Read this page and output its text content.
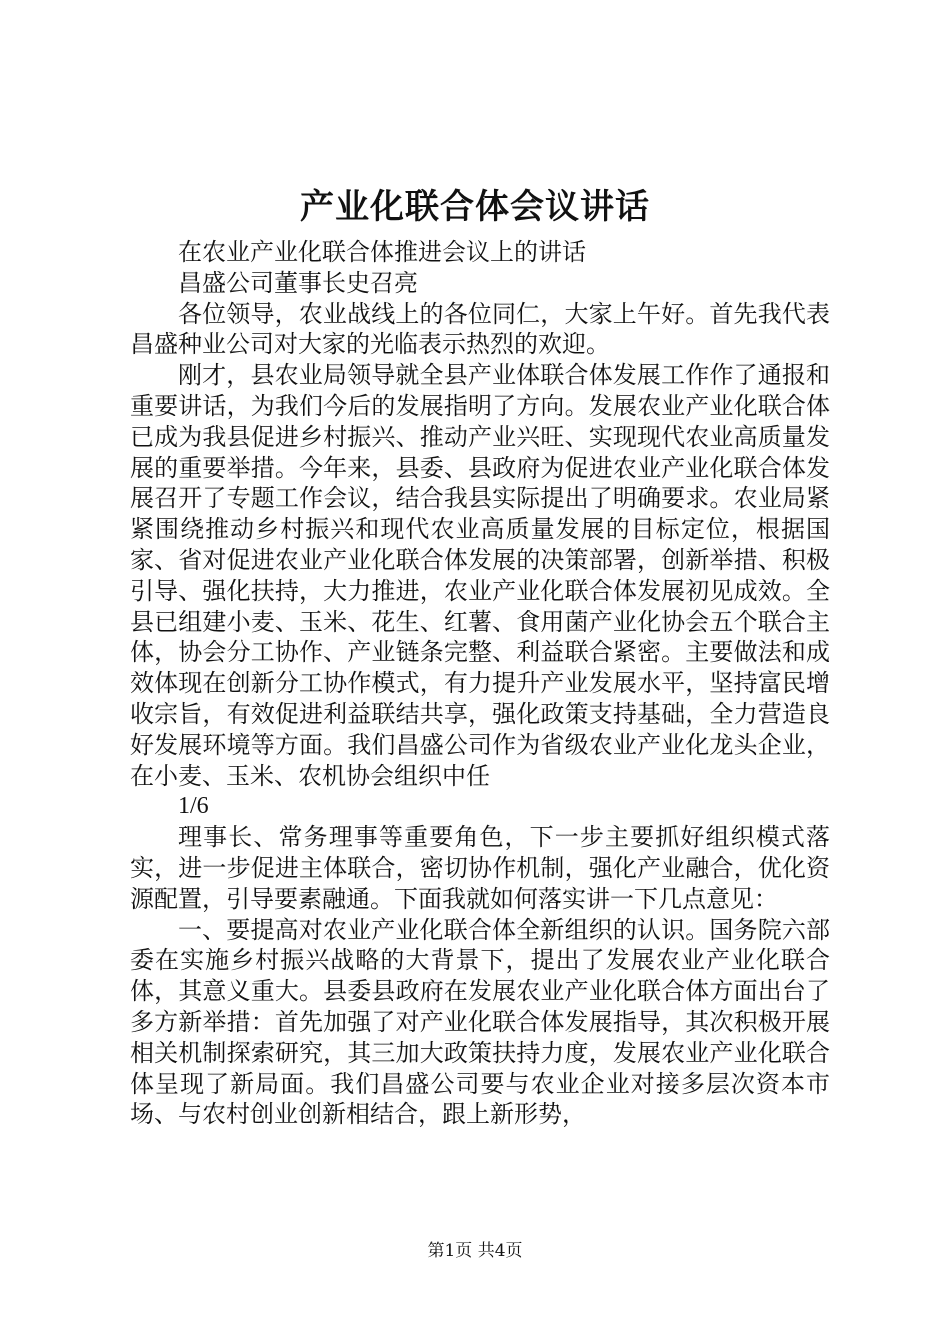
产业化联合体会议讲话

在农业产业化联合体推进会议上的讲话

昌盛公司董事长史召亮

各位领导，农业战线上的各位同仁，大家上午好。首先我代表昌盛种业公司对大家的光临表示热烈的欢迎。

刚才，县农业局领导就全县产业体联合体发展工作作了通报和重要讲话，为我们今后的发展指明了方向。发展农业产业化联合体已成为我县促进乡村振兴、推动产业兴旺、实现现代农业高质量发展的重要举措。今年来，县委、县政府为促进农业产业化联合体发展召开了专题工作会议，结合我县实际提出了明确要求。农业局紧紧围绕推动乡村振兴和现代农业高质量发展的目标定位，根据国家、省对促进农业产业化联合体发展的决策部署，创新举措、积极引导、强化扶持，大力推进，农业产业化联合体发展初见成效。全县已组建小麦、玉米、花生、红薯、食用菌产业化协会五个联合主体，协会分工协作、产业链条完整、利益联合紧密。主要做法和成效体现在创新分工协作模式，有力提升产业发展水平，坚持富民增收宗旨，有效促进利益联结共享，强化政策支持基础，全力营造良好发展环境等方面。我们昌盛公司作为省级农业产业化龙头企业，在小麦、玉米、农机协会组织中任

1/6

理事长、常务理事等重要角色，下一步主要抓好组织模式落实，进一步促进主体联合，密切协作机制，强化产业融合，优化资源配置，引导要素融通。下面我就如何落实讲一下几点意见：

一、要提高对农业产业化联合体全新组织的认识。国务院六部委在实施乡村振兴战略的大背景下，提出了发展农业产业化联合体，其意义重大。县委县政府在发展农业产业化联合体方面出台了多方新举措：首先加强了对产业化联合体发展指导，其次积极开展相关机制探索研究，其三加大政策扶持力度，发展农业产业化联合体呈现了新局面。我们昌盛公司要与农业企业对接多层次资本市场、与农村创业创新相结合，跟上新形势，

第1页 共4页
